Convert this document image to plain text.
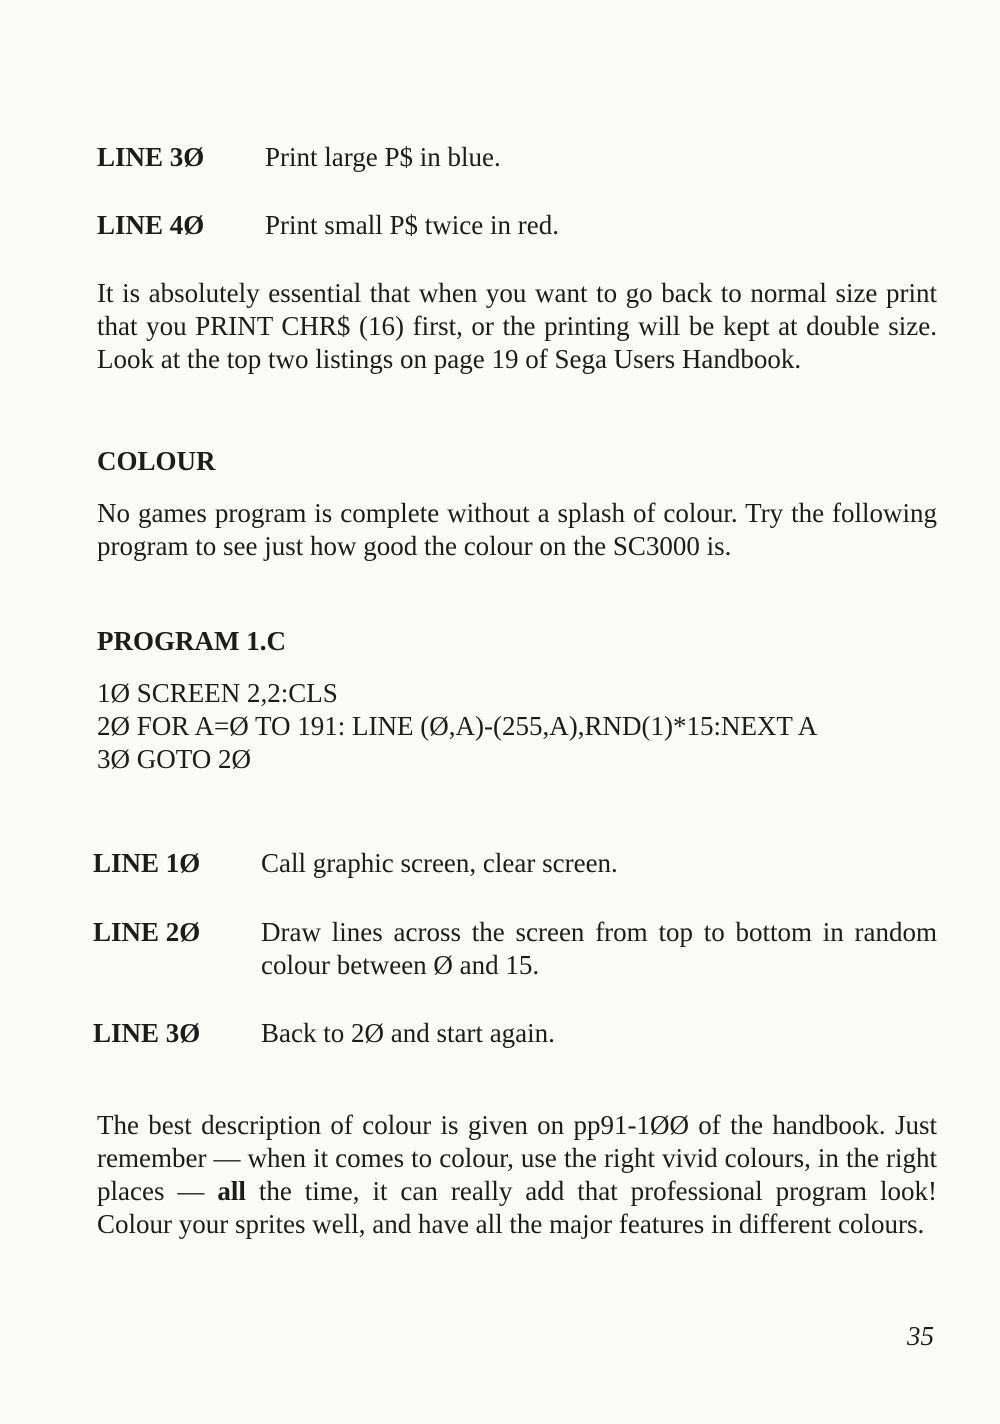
LINE 3Ø	Print large P$ in blue.
LINE 4Ø	Print small P$ twice in red.
It is absolutely essential that when you want to go back to normal size print that you PRINT CHR$ (16) first, or the printing will be kept at double size. Look at the top two listings on page 19 of Sega Users Handbook.
COLOUR
No games program is complete without a splash of colour. Try the following program to see just how good the colour on the SC3000 is.
PROGRAM 1.C
1Ø SCREEN 2,2:CLS
2Ø FOR A=Ø TO 191: LINE (Ø,A)-(255,A),RND(1)*15:NEXT A
3Ø GOTO 2Ø
LINE 1Ø	Call graphic screen, clear screen.
LINE 2Ø	Draw lines across the screen from top to bottom in random colour between Ø and 15.
LINE 3Ø	Back to 2Ø and start again.
The best description of colour is given on pp91-1ØØ of the handbook. Just remember — when it comes to colour, use the right vivid colours, in the right places — all the time, it can really add that professional program look! Colour your sprites well, and have all the major features in different colours.
35
